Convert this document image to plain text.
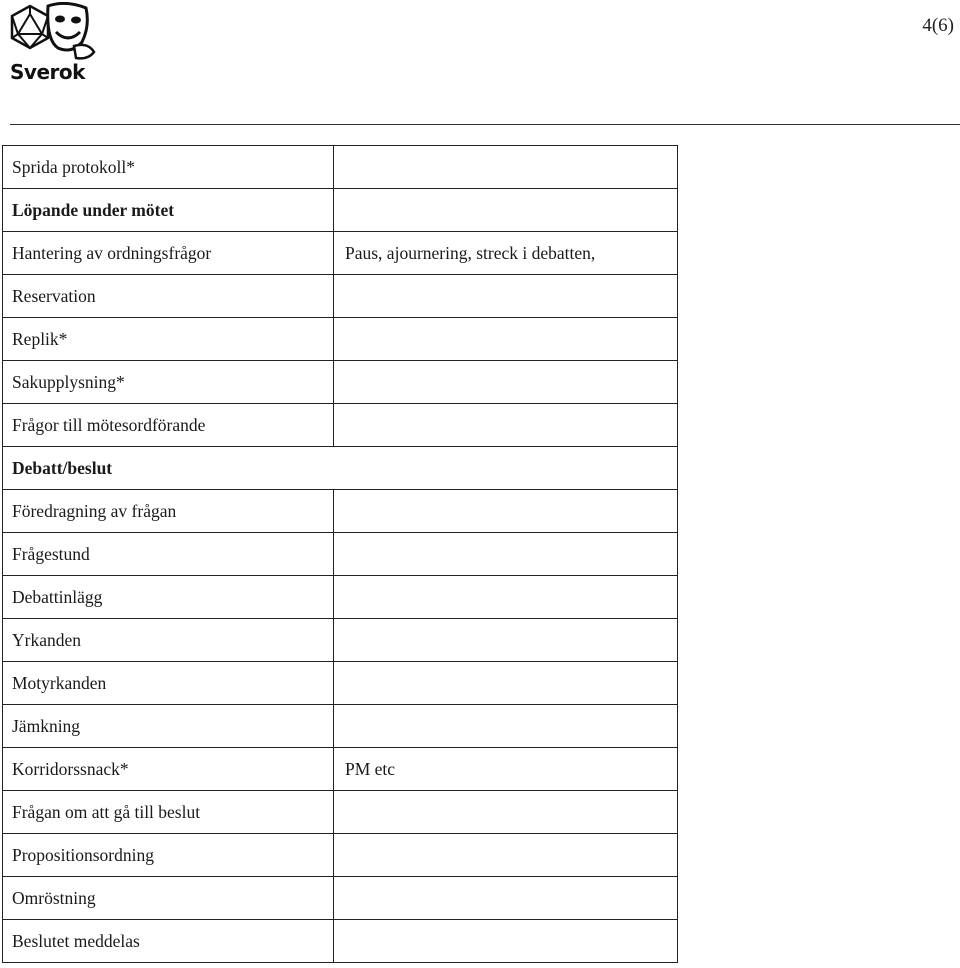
Sverok
4(6)
Sprida protokoll*	
Löpande under mötet	
Hantering av ordningsfrågor	Paus, ajournering, streck i debatten,
Reservation	
Replik*	
Sakupplysning*	
Frågor till mötesordförande	
Debatt/beslut	
Föredragning av frågan	
Frågestund	
Debattinlägg	
Yrkanden	
Motyrkanden	
Jämkning	
Korridorssnack*	PM etc
Frågan om att gå till beslut	
Propositionsordning	
Omröstning	
Beslutet meddelas	
